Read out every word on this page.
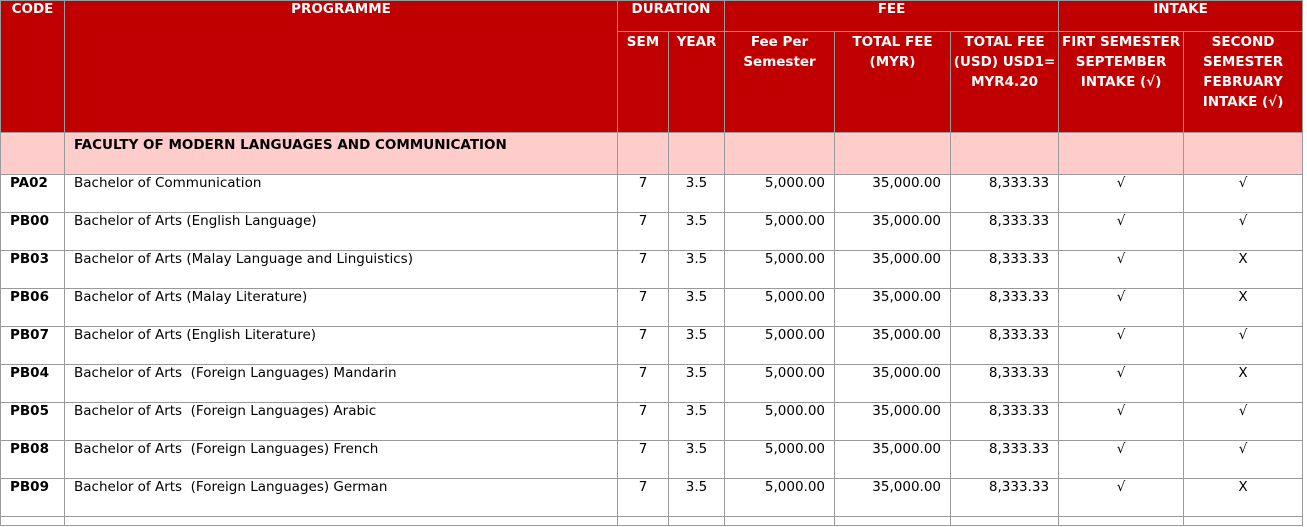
CODE	PROGRAMME	DURATION		FEE			INTAKE	
		SEM	YEAR	Fee Per Semester	TOTAL FEE (MYR)	TOTAL FEE (USD) USD1= MYR4.20	FIRT SEMESTER SEPTEMBER INTAKE (√)	SECOND SEMESTER FEBRUARY INTAKE (√)
	FACULTY OF MODERN LANGUAGES AND COMMUNICATION							
PA02	Bachelor of Communication	7	3.5	5,000.00	35,000.00	8,333.33	√	√
PB00	Bachelor of Arts (English Language)	7	3.5	5,000.00	35,000.00	8,333.33	√	√
PB03	Bachelor of Arts (Malay Language and Linguistics)	7	3.5	5,000.00	35,000.00	8,333.33	√	X
PB06	Bachelor of Arts (Malay Literature)	7	3.5	5,000.00	35,000.00	8,333.33	√	X
PB07	Bachelor of Arts (English Literature)	7	3.5	5,000.00	35,000.00	8,333.33	√	√
PB04	Bachelor of Arts  (Foreign Languages) Mandarin	7	3.5	5,000.00	35,000.00	8,333.33	√	X
PB05	Bachelor of Arts  (Foreign Languages) Arabic	7	3.5	5,000.00	35,000.00	8,333.33	√	√
PB08	Bachelor of Arts  (Foreign Languages) French	7	3.5	5,000.00	35,000.00	8,333.33	√	√
PB09	Bachelor of Arts  (Foreign Languages) German	7	3.5	5,000.00	35,000.00	8,333.33	√	X
